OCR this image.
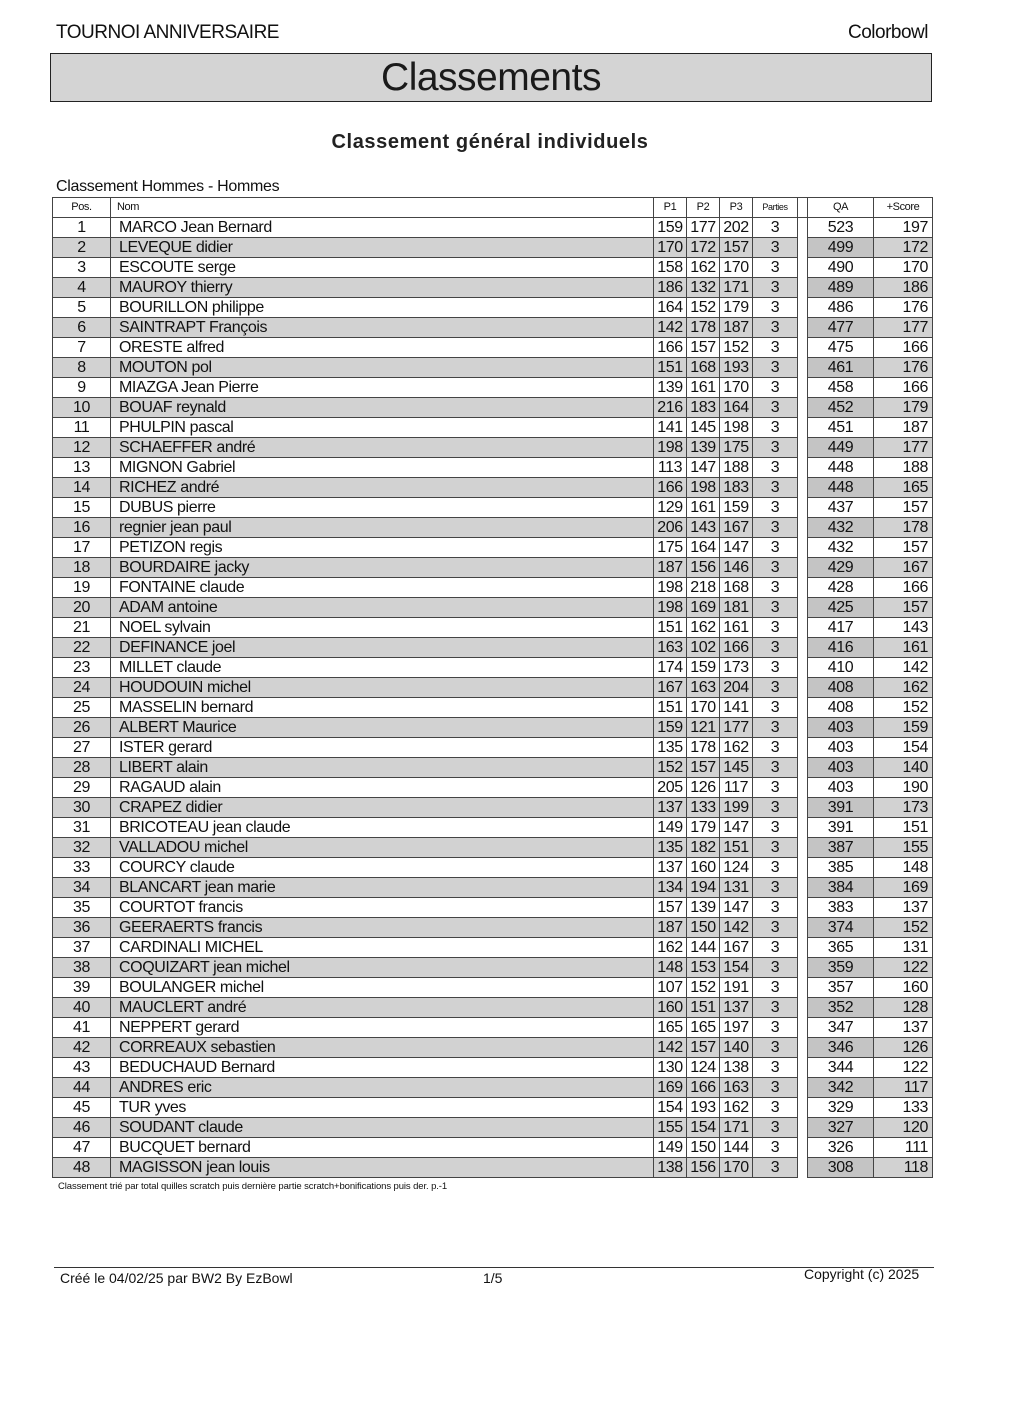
TOURNOI ANNIVERSAIRE	Colorbowl
Classements
Classement général individuels
Classement Hommes - Hommes
Pos.	Nom	P1	P2	P3	Parties		QA	+Score
1	MARCO Jean Bernard	159	177	202	3		523	197
2	LEVEQUE didier	170	172	157	3		499	172
3	ESCOUTE serge	158	162	170	3		490	170
4	MAUROY thierry	186	132	171	3		489	186
5	BOURILLON philippe	164	152	179	3		486	176
6	SAINTRAPT François	142	178	187	3		477	177
7	ORESTE alfred	166	157	152	3		475	166
8	MOUTON pol	151	168	193	3		461	176
9	MIAZGA Jean Pierre	139	161	170	3		458	166
10	BOUAF reynald	216	183	164	3		452	179
11	PHULPIN pascal	141	145	198	3		451	187
12	SCHAEFFER andré	198	139	175	3		449	177
13	MIGNON Gabriel	113	147	188	3		448	188
14	RICHEZ andré	166	198	183	3		448	165
15	DUBUS pierre	129	161	159	3		437	157
16	regnier jean paul	206	143	167	3		432	178
17	PETIZON regis	175	164	147	3		432	157
18	BOURDAIRE jacky	187	156	146	3		429	167
19	FONTAINE claude	198	218	168	3		428	166
20	ADAM antoine	198	169	181	3		425	157
21	NOEL sylvain	151	162	161	3		417	143
22	DEFINANCE joel	163	102	166	3		416	161
23	MILLET claude	174	159	173	3		410	142
24	HOUDOUIN michel	167	163	204	3		408	162
25	MASSELIN bernard	151	170	141	3		408	152
26	ALBERT Maurice	159	121	177	3		403	159
27	ISTER gerard	135	178	162	3		403	154
28	LIBERT alain	152	157	145	3		403	140
29	RAGAUD alain	205	126	117	3		403	190
30	CRAPEZ didier	137	133	199	3		391	173
31	BRICOTEAU jean claude	149	179	147	3		391	151
32	VALLADOU michel	135	182	151	3		387	155
33	COURCY claude	137	160	124	3		385	148
34	BLANCART jean marie	134	194	131	3		384	169
35	COURTOT francis	157	139	147	3		383	137
36	GEERAERTS francis	187	150	142	3		374	152
37	CARDINALI MICHEL	162	144	167	3		365	131
38	COQUIZART jean michel	148	153	154	3		359	122
39	BOULANGER michel	107	152	191	3		357	160
40	MAUCLERT andré	160	151	137	3		352	128
41	NEPPERT gerard	165	165	197	3		347	137
42	CORREAUX sebastien	142	157	140	3		346	126
43	BEDUCHAUD Bernard	130	124	138	3		344	122
44	ANDRES eric	169	166	163	3		342	117
45	TUR yves	154	193	162	3		329	133
46	SOUDANT claude	155	154	171	3		327	120
47	BUCQUET bernard	149	150	144	3		326	111
48	MAGISSON jean louis	138	156	170	3		308	118
Classement trié par total quilles scratch puis dernière partie scratch+bonifications puis der. p.-1
Créé le 04/02/25 par BW2 By EzBowl	1/5	Copyright (c) 2025
